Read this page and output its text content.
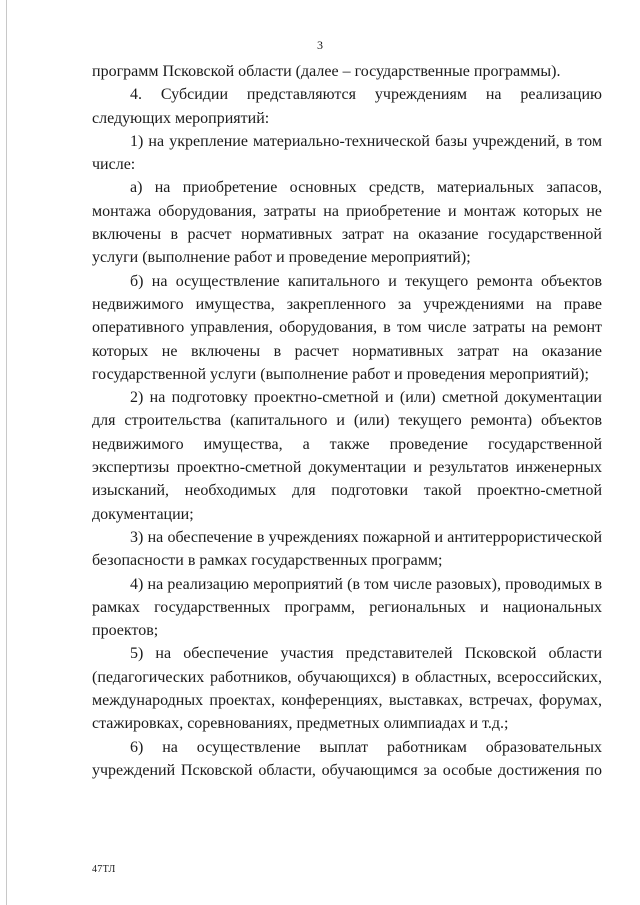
3

программ Псковской области (далее – государственные программы).

4. Субсидии представляются учреждениям на реализацию следующих мероприятий:

1) на укрепление материально-технической базы учреждений, в том числе:

а) на приобретение основных средств, материальных запасов, монтажа оборудования, затраты на приобретение и монтаж которых не включены в расчет нормативных затрат на оказание государственной услуги (выполнение работ и проведение мероприятий);

б) на осуществление капитального и текущего ремонта объектов недвижимого имущества, закрепленного за учреждениями на праве оперативного управления, оборудования, в том числе затраты на ремонт которых не включены в расчет нормативных затрат на оказание государственной услуги (выполнение работ и проведения мероприятий);

2) на подготовку проектно-сметной и (или) сметной документации для строительства (капитального и (или) текущего ремонта) объектов недвижимого имущества, а также проведение государственной экспертизы проектно-сметной документации и результатов инженерных изысканий, необходимых для подготовки такой проектно-сметной документации;

3) на обеспечение в учреждениях пожарной и антитеррористической безопасности в рамках государственных программ;

4) на реализацию мероприятий (в том числе разовых), проводимых в рамках государственных программ, региональных и национальных проектов;

5) на обеспечение участия представителей Псковской области (педагогических работников, обучающихся) в областных, всероссийских, международных проектах, конференциях, выставках, встречах, форумах, стажировках, соревнованиях, предметных олимпиадах и т.д.;

6) на осуществление выплат работникам образовательных учреждений Псковской области, обучающимся за особые достижения по

47ТЛ
